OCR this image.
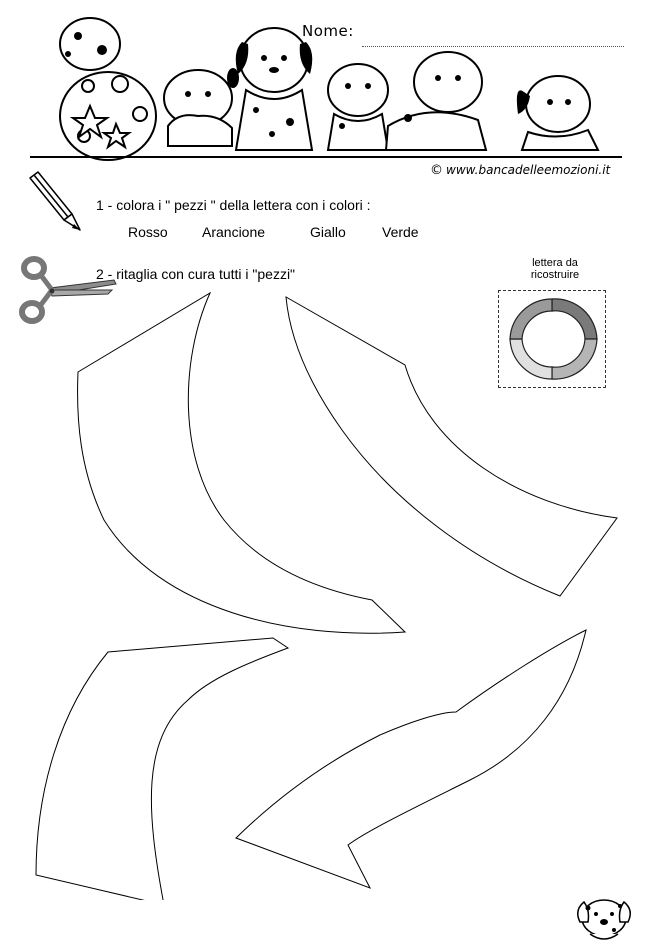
Nome:
© www.bancadelleemozioni.it
1 - colora i " pezzi " della lettera con i colori :
Rosso Arancione	Giallo	Verde
2 - ritaglia con cura tutti i "pezzi"
lettera da
ricostruire
